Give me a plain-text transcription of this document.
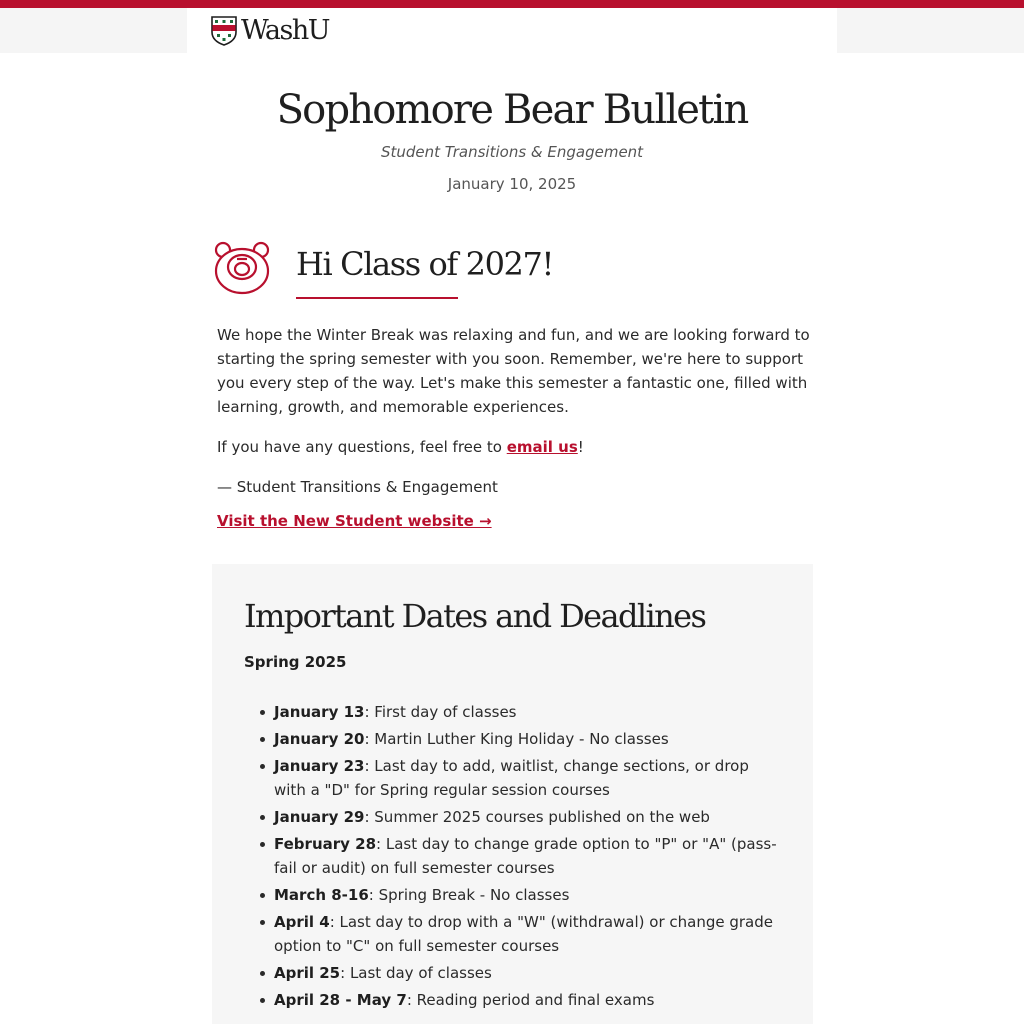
WashU
Sophomore Bear Bulletin
Student Transitions & Engagement
January 10, 2025
Hi Class of 2027!

We hope the Winter Break was relaxing and fun, and we are looking forward to starting the spring semester with you soon. Remember, we're here to support you every step of the way. Let's make this semester a fantastic one, filled with learning, growth, and memorable experiences.

If you have any questions, feel free to email us!

— Student Transitions & Engagement

Visit the New Student website →

Important Dates and Deadlines
Spring 2025
January 13: First day of classes
January 20: Martin Luther King Holiday - No classes
January 23: Last day to add, waitlist, change sections, or drop with a "D" for Spring regular session courses
January 29: Summer 2025 courses published on the web
February 28: Last day to change grade option to "P" or "A" (pass-fail or audit) on full semester courses
March 8-16: Spring Break - No classes
April 4: Last day to drop with a "W" (withdrawal) or change grade option to "C" on full semester courses
April 25: Last day of classes
April 28 - May 7: Reading period and final exams
